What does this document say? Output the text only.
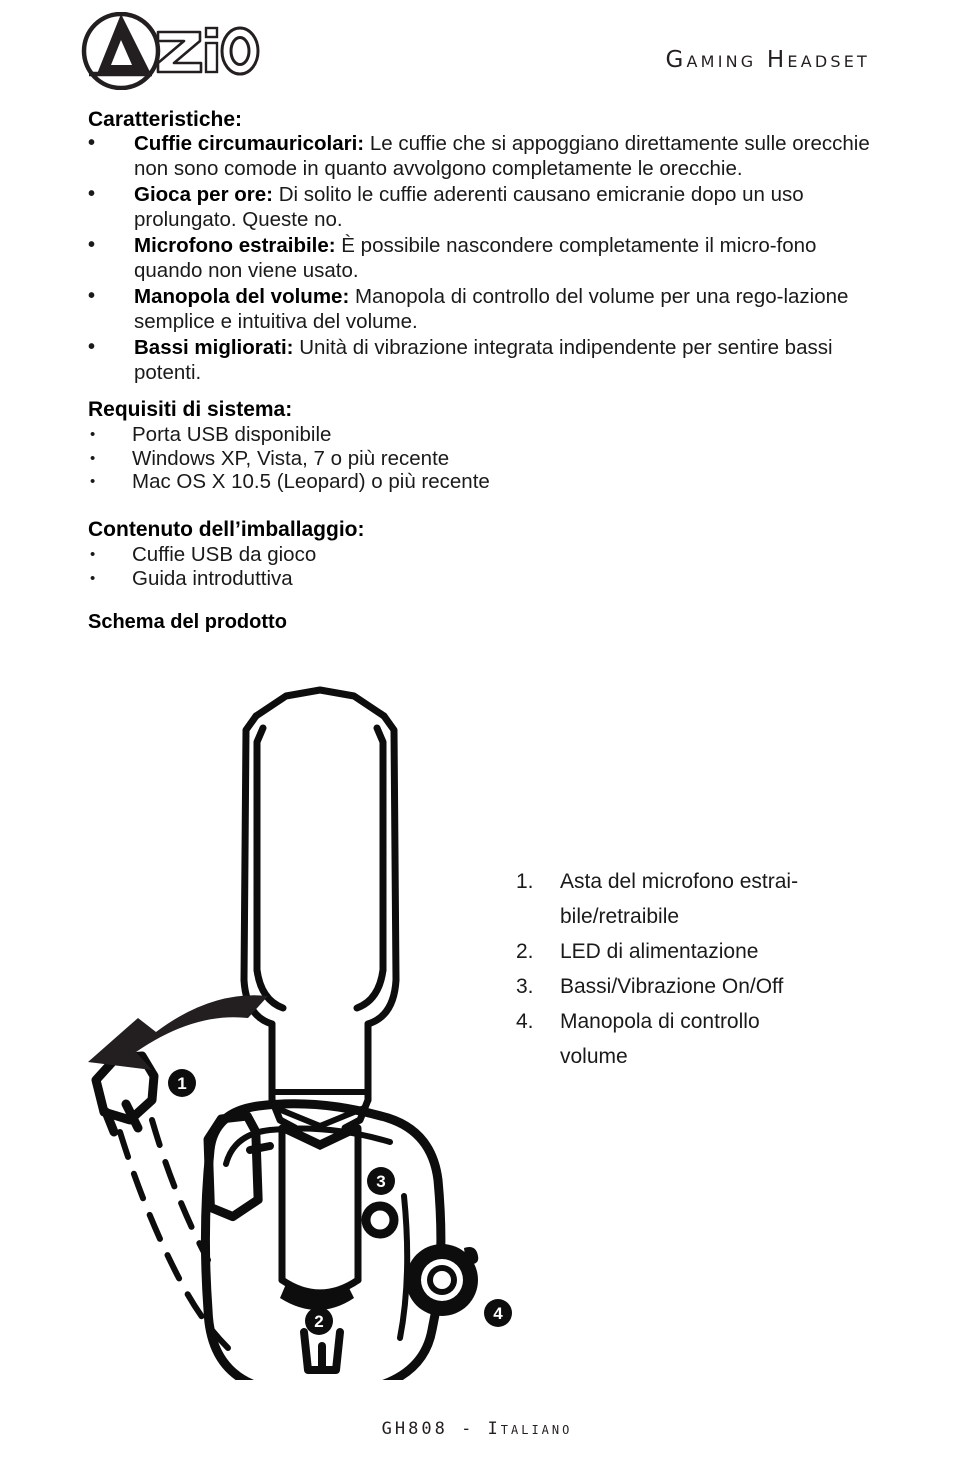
Gaming Headset
Caratteristiche:

• Cuffie circumauricolari: Le cuffie che si appoggiano direttamente sulle orecchie non sono comode in quanto avvolgono completamente le orecchie.

• Gioca per ore: Di solito le cuffie aderenti causano emicranie dopo un uso prolungato. Queste no.

• Microfono estraibile: È possibile nascondere completamente il micro-fono quando non viene usato.

• Manopola del volume: Manopola di controllo del volume per una rego-lazione semplice e intuitiva del volume.

• Bassi migliorati: Unità di vibrazione integrata indipendente per sentire bassi potenti.

Requisiti di sistema:

• Porta USB disponibile

• Windows XP, Vista, 7 o più recente

• Mac OS X 10.5 (Leopard) o più recente

Contenuto dell’imballaggio:

• Cuffie USB da gioco

• Guida introduttiva

Schema del prodotto

1. Asta del microfono estrai-
bile/retraibile

2. LED di alimentazione

3. Bassi/Vibrazione On/Off

4. Manopola di controllo
volume

1
2
3
4
GH808 - Italiano
